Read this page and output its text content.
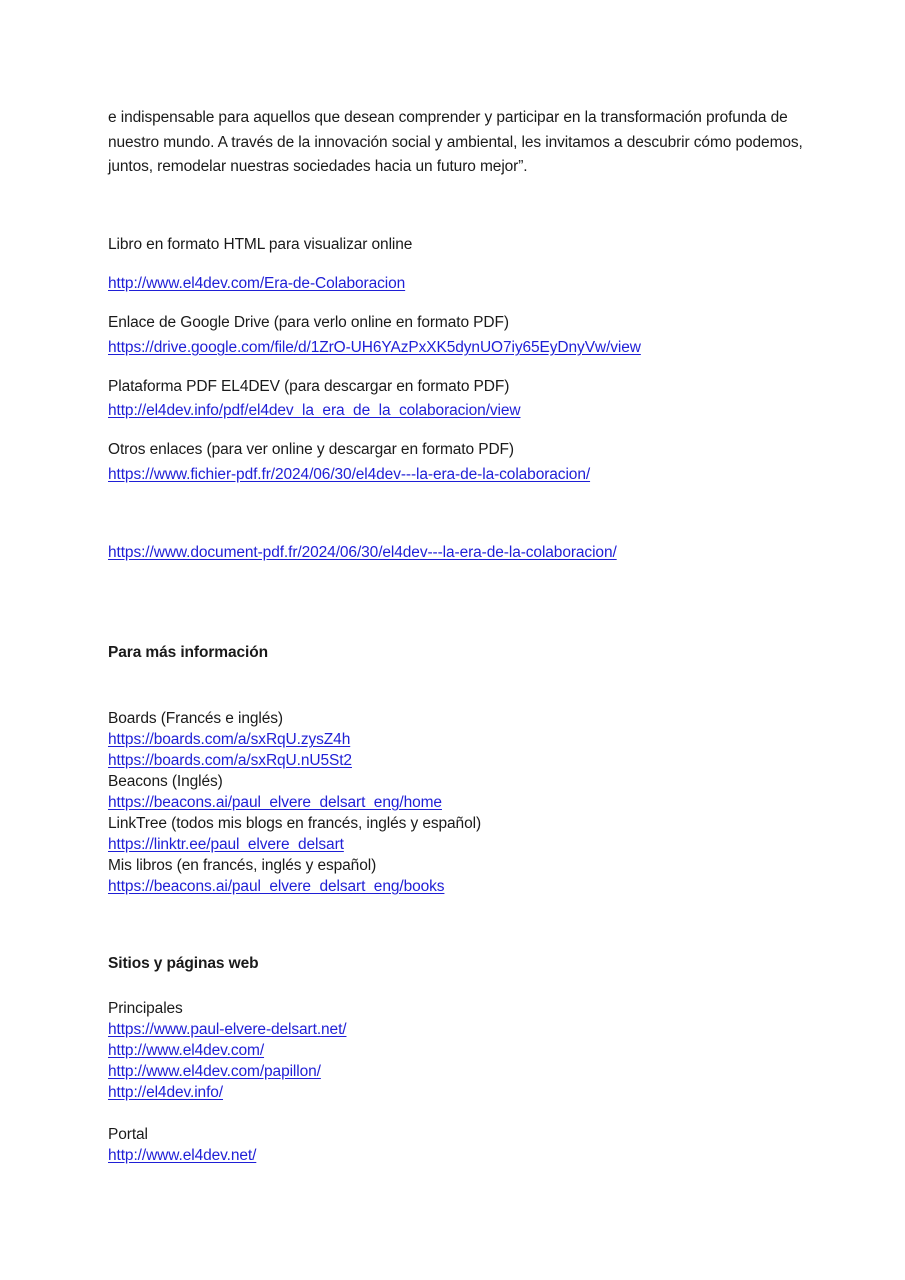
e indispensable para aquellos que desean comprender y participar en la transformación profunda de
nuestro mundo. A través de la innovación social y ambiental, les invitamos a descubrir cómo podemos,
juntos, remodelar nuestras sociedades hacia un futuro mejor”.
Libro en formato HTML para visualizar online
http://www.el4dev.com/Era-de-Colaboracion
Enlace de Google Drive (para verlo online en formato PDF)
https://drive.google.com/file/d/1ZrO-UH6YAzPxXK5dynUO7iy65EyDnyVw/view
Plataforma PDF EL4DEV (para descargar en formato PDF)
http://el4dev.info/pdf/el4dev_la_era_de_la_colaboracion/view
Otros enlaces (para ver online y descargar en formato PDF)
https://www.fichier-pdf.fr/2024/06/30/el4dev---la-era-de-la-colaboracion/
https://www.document-pdf.fr/2024/06/30/el4dev---la-era-de-la-colaboracion/
Para más información
Boards (Francés e inglés)
https://boards.com/a/sxRqU.zysZ4h
https://boards.com/a/sxRqU.nU5St2
Beacons (Inglés)
https://beacons.ai/paul_elvere_delsart_eng/home
LinkTree (todos mis blogs en francés, inglés y español)
https://linktr.ee/paul_elvere_delsart
Mis libros (en francés, inglés y español)
https://beacons.ai/paul_elvere_delsart_eng/books
Sitios y páginas web
Principales
https://www.paul-elvere-delsart.net/
http://www.el4dev.com/
http://www.el4dev.com/papillon/
http://el4dev.info/
Portal
http://www.el4dev.net/
